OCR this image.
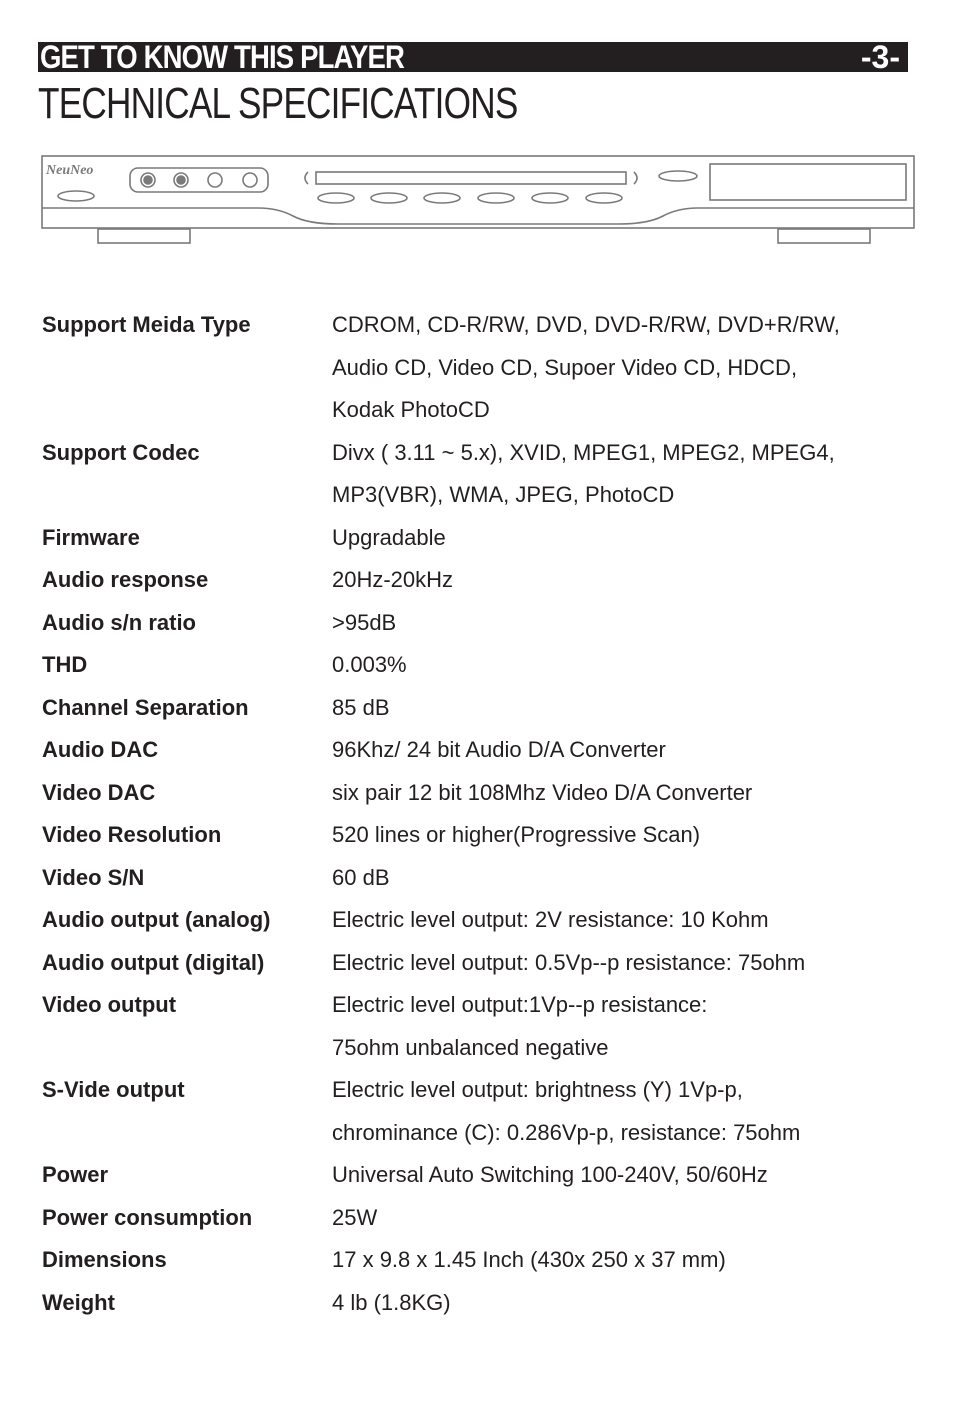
GET TO KNOW THIS PLAYER	-3-
TECHNICAL SPECIFICATIONS
NeuNeo
Support Meida Type	CDROM, CD-R/RW, DVD, DVD-R/RW, DVD+R/RW,
Audio CD, Video CD, Supoer Video CD, HDCD,
Kodak PhotoCD
Support Codec	Divx ( 3.11 ~ 5.x), XVID, MPEG1, MPEG2, MPEG4,
MP3(VBR), WMA, JPEG, PhotoCD
Firmware	Upgradable
Audio response	20Hz-20kHz
Audio s/n ratio	>95dB
THD	0.003%
Channel Separation	85 dB
Audio DAC	96Khz/ 24 bit Audio D/A Converter
Video DAC	six pair 12 bit 108Mhz Video D/A Converter
Video Resolution	520 lines or higher(Progressive Scan)
Video S/N	60 dB
Audio output (analog)	Electric level output: 2V resistance: 10 Kohm
Audio output (digital)	Electric level output: 0.5Vp--p resistance: 75ohm
Video output	Electric level output:1Vp--p resistance:
75ohm unbalanced negative
S-Vide output	Electric level output: brightness (Y) 1Vp-p,
chrominance (C): 0.286Vp-p, resistance: 75ohm
Power	Universal Auto Switching 100-240V, 50/60Hz
Power consumption	25W
Dimensions	17 x 9.8 x 1.45 Inch (430x 250 x 37 mm)
Weight	4 lb (1.8KG)
